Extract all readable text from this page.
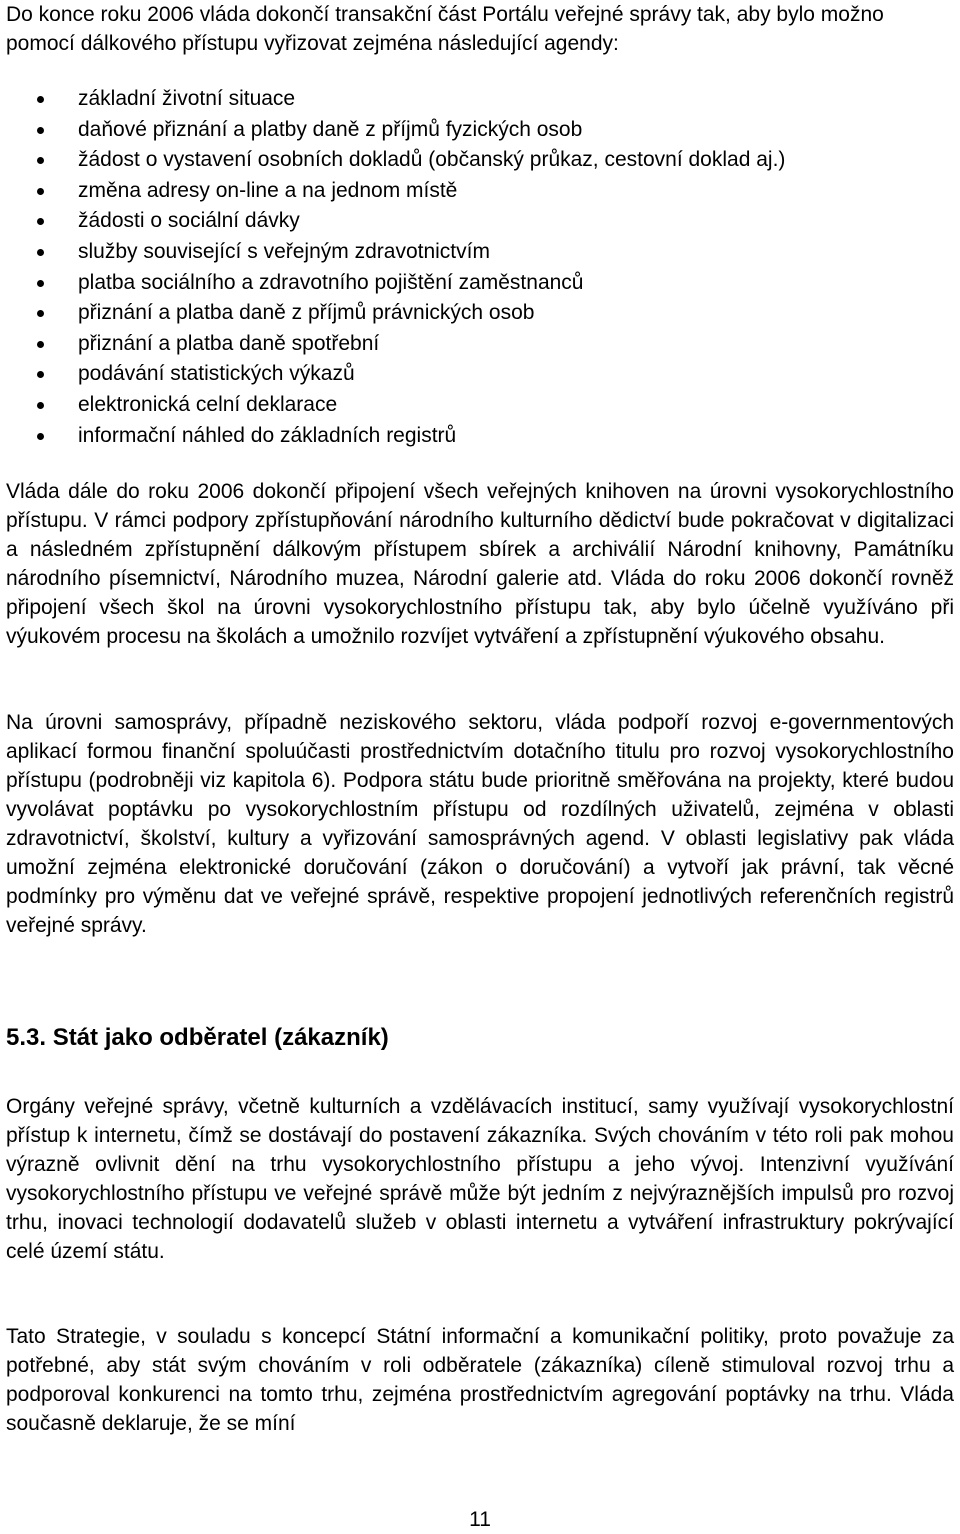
Do konce roku 2006 vláda dokončí transakční část Portálu veřejné správy tak, aby bylo možno pomocí dálkového přístupu vyřizovat zejména následující agendy:

základní životní situace
daňové přiznání a platby daně z příjmů fyzických osob
žádost o vystavení osobních dokladů (občanský průkaz, cestovní doklad aj.)
změna adresy on-line a na jednom místě
žádosti o sociální dávky
služby související s veřejným zdravotnictvím
platba sociálního a zdravotního pojištění zaměstnanců
přiznání a platba daně z příjmů právnických osob
přiznání a platba daně spotřební
podávání statistických výkazů
elektronická celní deklarace
informační náhled do základních registrů

Vláda dále do roku 2006 dokončí připojení všech veřejných knihoven na úrovni vysokorychlostního přístupu. V rámci podpory zpřístupňování národního kulturního dědictví bude pokračovat v digitalizaci a následném zpřístupnění dálkovým přístupem sbírek a archiválií Národní knihovny, Památníku národního písemnictví, Národního muzea, Národní galerie atd. Vláda do roku 2006 dokončí rovněž připojení všech škol na úrovni vysokorychlostního přístupu tak, aby bylo účelně využíváno při výukovém procesu na školách a umožnilo rozvíjet vytváření a zpřístupnění výukového obsahu.

Na úrovni samosprávy, případně neziskového sektoru, vláda podpoří rozvoj e-governmentových aplikací formou finanční spoluúčasti prostřednictvím dotačního titulu pro rozvoj vysokorychlostního přístupu (podrobněji viz kapitola 6). Podpora státu bude prioritně směřována na projekty, které budou vyvolávat poptávku po vysokorychlostním přístupu od rozdílných uživatelů, zejména v oblasti zdravotnictví, školství, kultury a vyřizování samosprávných agend. V oblasti legislativy pak vláda umožní zejména elektronické doručování (zákon o doručování) a vytvoří jak právní, tak věcné podmínky pro výměnu dat ve veřejné správě, respektive propojení jednotlivých referenčních registrů veřejné správy.

5.3. Stát jako odběratel (zákazník)

Orgány veřejné správy, včetně kulturních a vzdělávacích institucí, samy využívají vysokorychlostní přístup k internetu, čímž se dostávají do postavení zákazníka. Svých chováním v této roli pak mohou výrazně ovlivnit dění na trhu vysokorychlostního přístupu a jeho vývoj. Intenzivní využívání vysokorychlostního přístupu ve veřejné správě může být jedním z nejvýraznějších impulsů pro rozvoj trhu, inovaci technologií dodavatelů služeb v oblasti internetu a vytváření infrastruktury pokrývající celé území státu.

Tato Strategie, v souladu s koncepcí Státní informační a komunikační politiky, proto považuje za potřebné, aby stát svým chováním v roli odběratele (zákazníka) cíleně stimuloval rozvoj trhu a podporoval konkurenci na tomto trhu, zejména prostřednictvím agregování poptávky na trhu. Vláda současně deklaruje, že se míní

11
